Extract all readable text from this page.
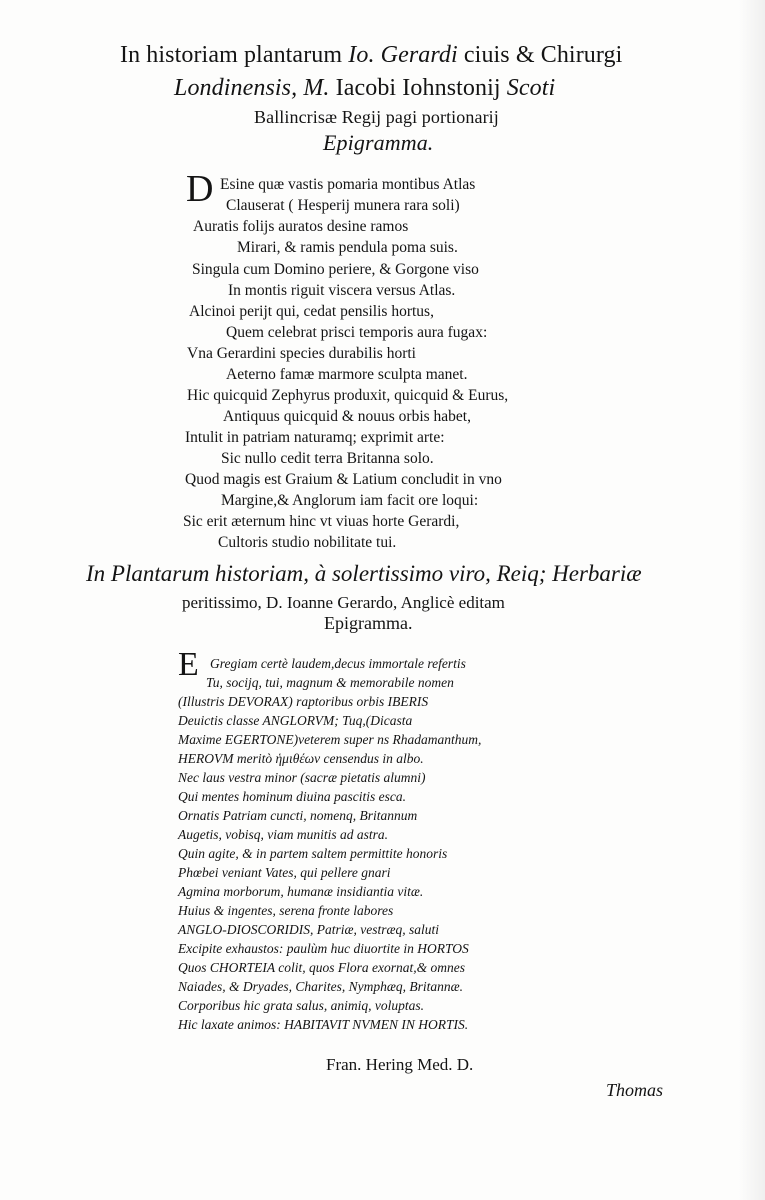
In historiam plantarum Io. Gerardi ciuis & Chirurgi
Londinensis, M. Iacobi Iohnstonij Scoti
Ballincrisæ Regij pagi portionarij
Epigramma.
D Esine quæ vastis pomaria montibus Atlas
Clauserat ( Hesperij munera rara soli)
Auratis folijs auratos desine ramos
Mirari, & ramis pendula poma suis.
Singula cum Domino periere, & Gorgone viso
In montis riguit viscera versus Atlas.
Alcinoi perijt qui, cedat pensilis hortus,
Quem celebrat prisci temporis aura fugax:
Vna Gerardini species durabilis horti
Aeterno famæ marmore sculpta manet.
Hic quicquid Zephyrus produxit, quicquid & Eurus,
Antiquus quicquid & nouus orbis habet,
Intulit in patriam naturamq; exprimit arte:
Sic nullo cedit terra Britanna solo.
Quod magis est Graium & Latium concludit in vno
Margine,& Anglorum iam facit ore loqui:
Sic erit æternum hinc vt viuas horte Gerardi,
Cultoris studio nobilitate tui.
In Plantarum historiam, à solertissimo viro, Reiq; Herbariæ
peritissimo, D. Ioanne Gerardo, Anglicè editam
Epigramma.
E Gregiam certè laudem,decus immortale refertis
Tu, socijq, tui, magnum & memorabile nomen
(Illustris DEVORAX) raptoribus orbis IBERIS
Deuictis classe ANGLORVM; Tuq,(Dicasta
Maxime EGERTONE)veterem super ns Rhadamanthum,
HEROVM meritò ἡμιθέων censendus in albo.
Nec laus vestra minor (sacræ pietatis alumni)
Qui mentes hominum diuina pascitis esca.
Ornatis Patriam cuncti, nomenq, Britannum
Augetis, vobisq, viam munitis ad astra.
Quin agite, & in partem saltem permittite honoris
Phœbei veniant Vates, qui pellere gnari
Agmina morborum, humanæ insidiantia vitæ.
Huius & ingentes, serena fronte labores
ANGLO-DIOSCORIDIS, Patriæ, vestræq, saluti
Excipite exhaustos: paulùm huc diuortite in HORTOS
Quos CHORTEIA colit, quos Flora exornat,& omnes
Naiades, & Dryades, Charites, Nymphæq, Britannæ.
Corporibus hic grata salus, animiq, voluptas.
Hic laxate animos: HABITAVIT NVMEN IN HORTIS.
Fran. Hering Med. D.
Thomas
